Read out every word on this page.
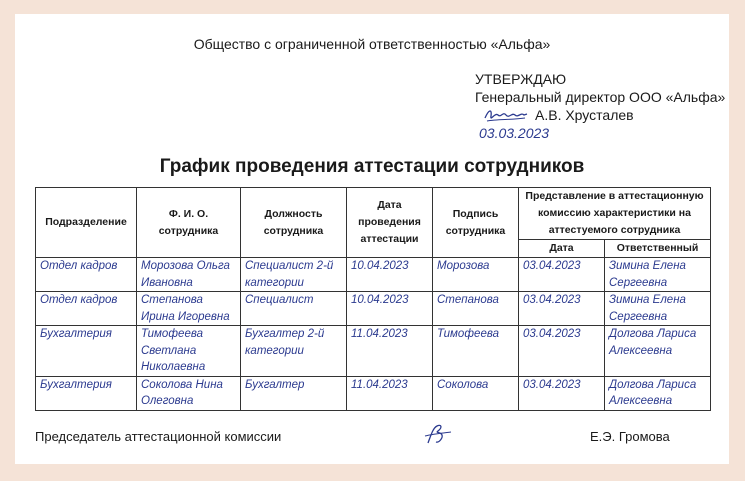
Общество с ограниченной ответственностью «Альфа»
УТВЕРЖДАЮ
Генеральный директор ООО «Альфа»
А.В. Хрусталев
03.03.2023
График проведения аттестации сотрудников
Подразделение	Ф. И. О. сотрудника	Должность сотрудника	Дата проведения аттестации	Подпись сотрудника	Представление в аттестационную комиссию характеристики на аттестуемого сотрудника	
					Дата	Ответственный
Отдел кадров	Морозова Ольга Ивановна	Специалист 2-й категории	10.04.2023	Морозова	03.04.2023	Зимина Елена Сергеевна
Отдел кадров	Степанова Ирина Игоревна	Специалист	10.04.2023	Степанова	03.04.2023	Зимина Елена Сергеевна
Бухгалтерия	Тимофеева Светлана Николаевна	Бухгалтер 2-й категории	11.04.2023	Тимофеева	03.04.2023	Долгова Лариса Алексеевна
Бухгалтерия	Соколова Нина Олеговна	Бухгалтер	11.04.2023	Соколова	03.04.2023	Долгова Лариса Алексеевна
Председатель аттестационной комиссии	Е.Э. Громова
